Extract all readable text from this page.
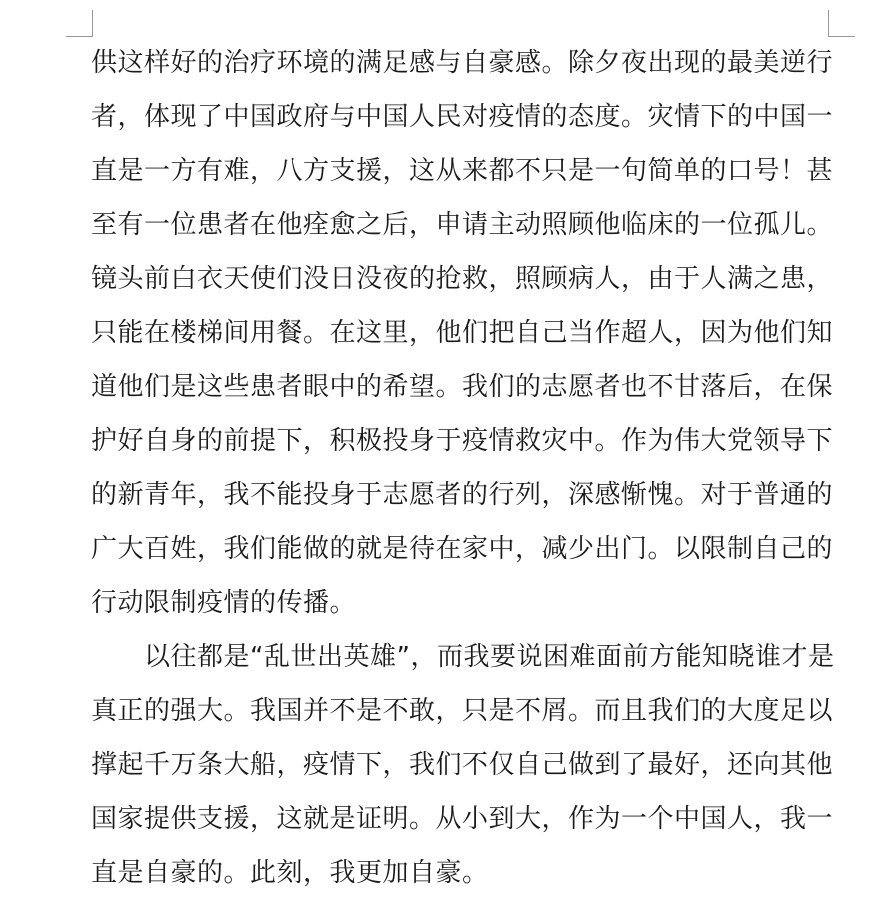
供这样好的治疗环境的满足感与自豪感。除夕夜出现的最美逆行
者，体现了中国政府与中国人民对疫情的态度。灾情下的中国一
直是一方有难，八方支援，这从来都不只是一句简单的口号！甚
至有一位患者在他痊愈之后，申请主动照顾他临床的一位孤儿。
镜头前白衣天使们没日没夜的抢救，照顾病人，由于人满之患，
只能在楼梯间用餐。在这里，他们把自己当作超人，因为他们知
道他们是这些患者眼中的希望。我们的志愿者也不甘落后，在保
护好自身的前提下，积极投身于疫情救灾中。作为伟大党领导下
的新青年，我不能投身于志愿者的行列，深感惭愧。对于普通的
广大百姓，我们能做的就是待在家中，减少出门。以限制自己的
行动限制疫情的传播。
　　以往都是“乱世出英雄”，而我要说困难面前方能知晓谁才是
真正的强大。我国并不是不敢，只是不屑。而且我们的大度足以
撑起千万条大船，疫情下，我们不仅自己做到了最好，还向其他
国家提供支援，这就是证明。从小到大，作为一个中国人，我一
直是自豪的。此刻，我更加自豪。
